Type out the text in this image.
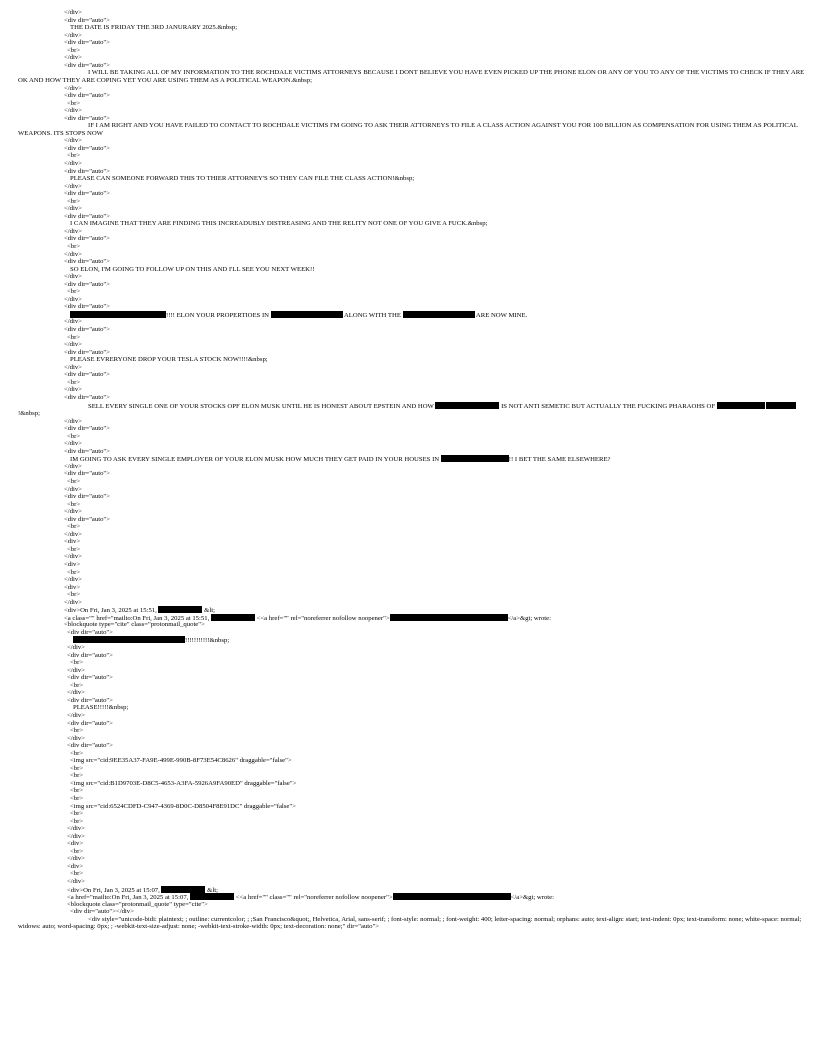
</div>
<div dir="auto">
THE DATE IS FRIDAY THE 3RD JANURARY 2025.&nbsp;
</div>
<div dir="auto">
<br>
</div>
<div dir="auto">
I WILL BE TAKING ALL OF MY INFORMATION TO THE ROCHDALE VICTIMS ATTORNEYS BECAUSE I DONT BELIEVE YOU HAVE EVEN PICKED UP THE PHONE ELON OR ANY OF YOU TO ANY OF THE VICTIMS TO CHECK IF THEY ARE OK AND HOW THEY ARE COPING YET YOU ARE USING THEM AS A POLITICAL WEAPON.&nbsp;
</div>
<div dir="auto">
<br>
</div>
<div dir="auto">
IF I AM RIGHT AND YOU HAVE FAILED TO CONTACT TO ROCHDALE VICTIMS I'M GOING TO ASK THEIR ATTORNEYS TO FILE A CLASS ACTION AGAINST YOU FOR 100 BILLION AS COMPENSATION FOR USING THEM AS POLITICAL WEAPONS. ITS STOPS NOW
</div>
<div dir="auto">
<br>
</div>
<div dir="auto">
PLEASE CAN SOMEONE FORWARD THIS TO THIER ATTORNEY'S SO THEY CAN FILE THE CLASS ACTION!&nbsp;
</div>
<div dir="auto">
<br>
</div>
<div dir="auto">
I CAN IMAGINE THAT THEY ARE FINDING THIS INCREADUBLY DISTREASING AND THE RELITY NOT ONE OF YOU GIVE A FUCK.&nbsp;
</div>
<div dir="auto">
<br>
</div>
<div dir="auto">
SO ELON, I'M GOING TO FOLLOW UP ON THIS AND I'LL SEE YOU NEXT WEEK!!
</div>
<div dir="auto">
<br>
</div>
<div dir="auto">
!!!! ELON YOUR PROPERTIOES IN	ALONG WITH THE	ARE NOW MINE.
</div>
<div dir="auto">
<br>
</div>
<div dir="auto">
PLEASE EVRERYONE DROP YOUR TESLA STOCK NOW!!!!&nbsp;
</div>
<div dir="auto">
<br>
</div>
<div dir="auto">
SELL EVERY SINGLE ONE OF YOUR STOCKS OPF ELON MUSK UNTIL HE IS HONEST ABOUT EPSTEIN AND HOW	IS NOT ANTI SEMETIC BUT ACTUALLY THE FUCKING PHARAOHS OF  !&nbsp;
</div>
<div dir="auto">
<br>
</div>
<div dir="auto">
IM GOING TO ASK EVERY SINGLE EMPLOYER OF YOUR ELON MUSK HOW MUCH THEY GET PAID IN YOUR HOUSES IN	!! I BET THE SAME ELSEWHERE?
</div>
<div dir="auto">
<br>
</div>
<div dir="auto">
<br>
</div>
<div dir="auto">
<br>
</div>
<div>
<br>
</div>
<div>
<br>
</div>
<div>
<br>
</div>
<div>On Fri, Jan 3, 2025 at 15:51,	&lt;
<a class="" href="mailto:On Fri, Jan 3, 2025 at 15:51,	<<a href="" rel="noreferrer nofollow noopener">	</a>&gt; wrote:
<blockquote type="cite" class="protonmail_quote">
<div dir="auto">
!!!!!!!!!!!&nbsp;
</div>
<div dir="auto">
<br>
</div>
<div dir="auto">
<br>
</div>
<div dir="auto">
PLEASE!!!!!&nbsp;
</div>
<div dir="auto">
<br>
</div>
<div dir="auto">
<br>
<img src="cid:9EE35A37-FA9E-499E-990B-8F73E54C8626" draggable="false">
<br>
<br>
<img src="cid:B1D9703E-D8C5-4653-A3FA-5926A9FA90ED" draggable="false">
<br>
<br>
<img src="cid:6524CDFD-C947-4369-8D0C-D8504F8E91DC" draggable="false">
<br>
<br>
</div>
</div>
<div>
<br>
</div>
<div>
<br>
</div>
<div>On Fri, Jan 3, 2025 at 15:07,	&lt;
<a href="mailto:On Fri, Jan 3, 2025 at 15:07,	<<a href="" class="" rel="noreferrer nofollow noopener">	</a>&gt; wrote:
<blockquote class="protonmail_quote" type="cite">
<div dir="auto"></div>
<div style="unicode-bidi: plaintext; ; outline: currentcolor; ; ;San Francisco&quot;, Helvetica, Arial, sans-serif; ; font-style: normal; ; font-weight: 400; letter-spacing: normal; orphans: auto; text-align: start; text-indent: 0px; text-transform: none; white-space: normal; widows: auto; word-spacing: 0px; ; -webkit-text-size-adjust: none; -webkit-text-stroke-width: 0px; text-decoration: none;" dir="auto">
